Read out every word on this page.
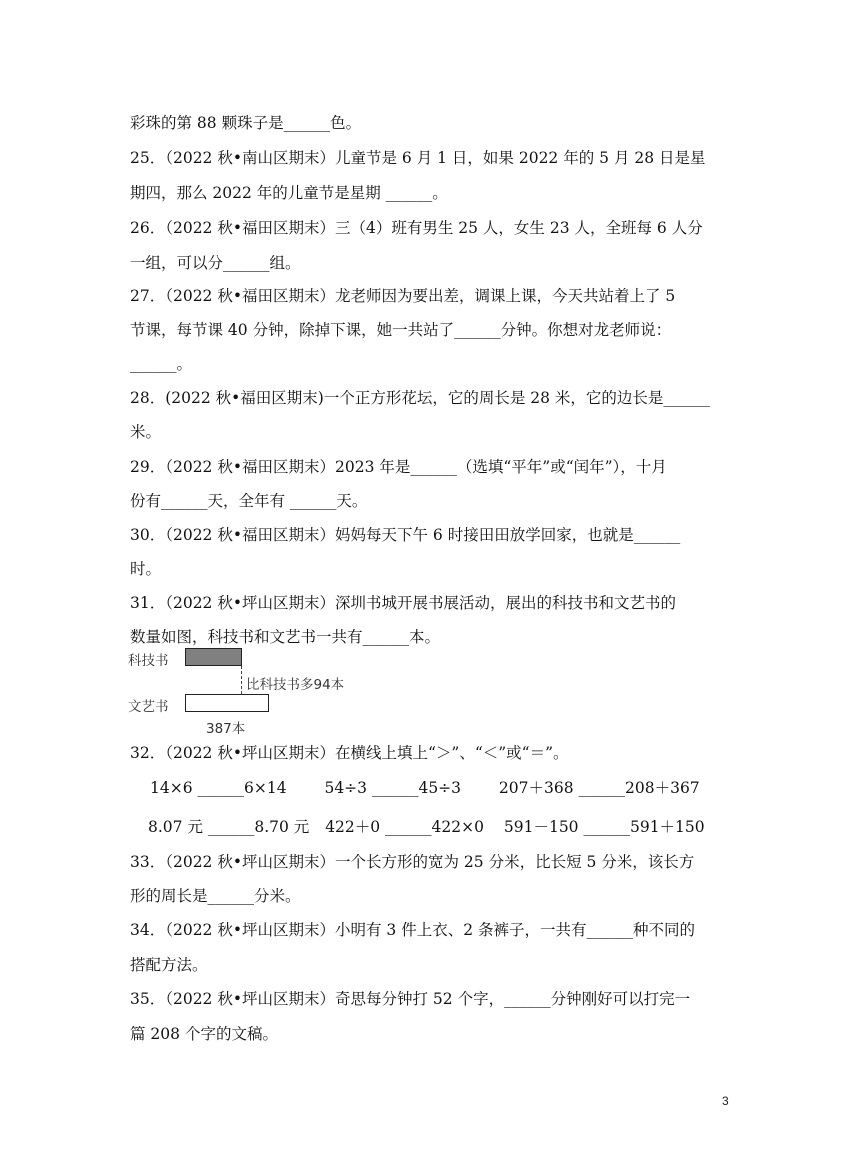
彩珠的第 88 颗珠子是______色。
25．（2022 秋•南山区期末）儿童节是 6 月 1 日，如果 2022 年的 5 月 28 日是星
期四，那么 2022 年的儿童节是星期 ______。
26．（2022 秋•福田区期末）三（4）班有男生 25 人，女生 23 人，全班每 6 人分
一组，可以分______组。
27．（2022 秋•福田区期末）龙老师因为要出差，调课上课，今天共站着上了 5
节课，每节课 40 分钟，除掉下课，她一共站了______分钟。你想对龙老师说：
______。
28．(2022 秋•福田区期末)一个正方形花坛，它的周长是 28 米，它的边长是______
米。
29．（2022 秋•福田区期末）2023 年是______（选填“平年”或“闰年”），十月
份有______天，全年有 ______天。
30．（2022 秋•福田区期末）妈妈每天下午 6 时接田田放学回家，也就是______
时。
31．（2022 秋•坪山区期末）深圳书城开展书展活动，展出的科技书和文艺书的
数量如图，科技书和文艺书一共有______本。
科技书
比科技书多94本
文艺书
387本
32．（2022 秋•坪山区期末）在横线上填上“＞”、“＜”或“＝”。
14×6 ______6×14 54÷3 ______45÷3 207＋368 ______208＋367
8.07 元 ______8.70 元 422＋0 ______422×0 591－150 ______591＋150
33．（2022 秋•坪山区期末）一个长方形的宽为 25 分米，比长短 5 分米，该长方
形的周长是______分米。
34．（2022 秋•坪山区期末）小明有 3 件上衣、2 条裤子，一共有______种不同的
搭配方法。
35．（2022 秋•坪山区期末）奇思每分钟打 52 个字，______分钟刚好可以打完一
篇 208 个字的文稿。
3
